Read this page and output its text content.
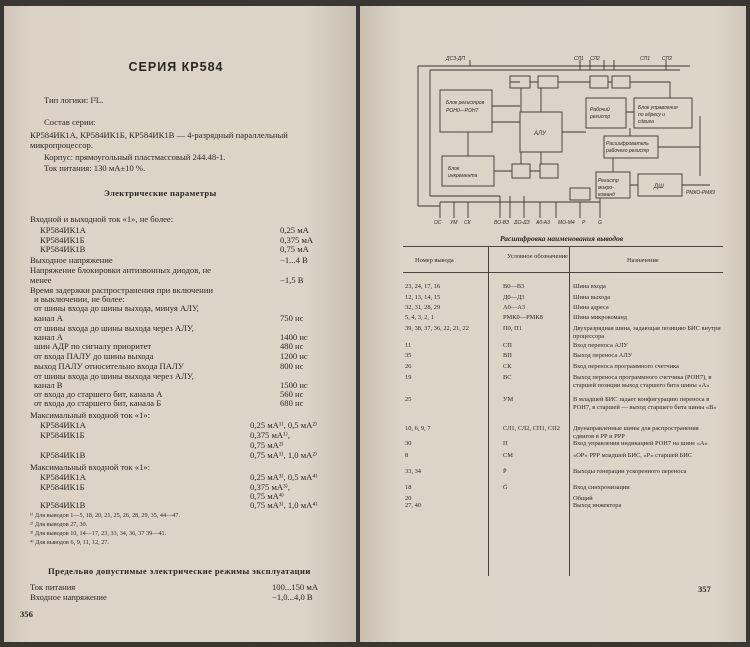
СЕРИЯ КР584
Тип логики: I²L.
Состав серии:
КР584ИК1А, КР584ИК1Б, КР584ИК1В — 4-разрядный параллельный
микропроцессор.
Корпус: прямоугольный пластмассовый 244.48-1.
Ток питания: 130 мА±10 %.
Электрические параметры
Входной и выходной ток «1», не более:
КР584ИК1А	0,25 мА
КР584ИК1Б	0,375 мА
КР584ИК1В	0,75 мА
Выходное напряжение	−1...4 В
Напряжение блокировки антизвонных диодов, не
менее	−1,5 В
Время задержки распространения при включении
и выключении, не более:
от шины входа до шины выхода, минуя АЛУ,
канал А	750 нс
от шины входа до шины выхода через АЛУ,
канал А	1400 нс
шин АДР по сигналу приоритет	480 нс
от входа ПАЛУ до шины выхода	1200 нс
выход ПАЛУ относительно входа ПАЛУ	800 нс
от шины входа до шины выхода через АЛУ,
канал В	1500 нс
от входа до старшего бит, канала А	560 нс
от входа до старшего бит, канала Б	680 нс
Максимальный входной ток «1»:
КР584ИК1А	0,25 мА¹⁾, 0,5 мА²⁾
КР584ИК1Б	0,375 мА¹⁾,
0,75 мА²⁾
КР584ИК1В	0,75 мА¹⁾, 1,0 мА²⁾
Максимальный входной ток «1»:
КР584ИК1А	0,25 мА³⁾, 0,5 мА⁴⁾
КР584ИК1Б	0,375 мА³⁾,
0,75 мА⁴⁾
КР584ИК1В	0,75 мА³⁾, 1,0 мА⁴⁾
¹⁾ Для выводов 1—5, 18, 20, 21, 25, 26, 28, 29, 35, 44—47.
²⁾ Для выводов 27, 30.
³⁾ Для выводов 10, 14—17, 23, 33, 34, 36, 37 39—41.
⁴⁾ Для выводов 6, 9, 11, 12, 27.
Предельно допустимые электрические режимы эксплуатации
Ток питания	100...150 мА
Входное напряжение	−1,0...4,0 В
356
Блок регистров
РОН0—РОН7
Блок
инкремента
АЛУ
Рабочий
регистр
Блок управления
по адресу и
сдвига
Расшифрователь
рабочего регистр
Регистр
микро-
команд
ДШ
ДСЗ-ДП	СЛ1 СЛ2	СП1 СП2
РМКО-РМК9
ОС УМ СК	ВО-ВЗ ДО-ДЗ А0-А3 МО-М4 Р	G
Расшифровка наименования выводов
Номер вывода
Условное обозначение
Назначение
23, 24, 17, 16	В0—В3	Шина входа
12, 13, 14, 15	Д0—Д3	Шина выхода
32, 31, 28, 29	А0—А3	Шина адреса
5, 4, 3, 2, 1	РМК0—РМК8	Шина микрокоманд
39, 38, 37, 36, 22, 21, 22	П0, П1	Двухразрядная шина, задающая позицию БИС внутри процессора
11	СП	Вход переноса АЛУ
35	ВП	Выход переноса АЛУ
26	СК	Вход переноса программного счетчика
19	ВС	Выход переноса программного счетчика (РОН7), в старшей позиции выход старшего бита шины «А»
25	УМ	В младшей БИС задает конфигурацию переноса в РОН7, в старшей — выход старшего бита шины «В»
10, 6, 9, 7	СЛ1, СЛ2, СП1, СП2	Двунаправленные шины для распространения сдвигов в РР и РРР
30	П	Вход управления индикацией РОН7 на шине «А»
8	СМ	«ОР» РРР младшей БИС, «Р» старшей БИС
33, 34	P̄	Выходы генерации ускоренного переноса
18	Ḡ	Вход синхронизации
20	Общий
27, 40	Выход инжектора
357
